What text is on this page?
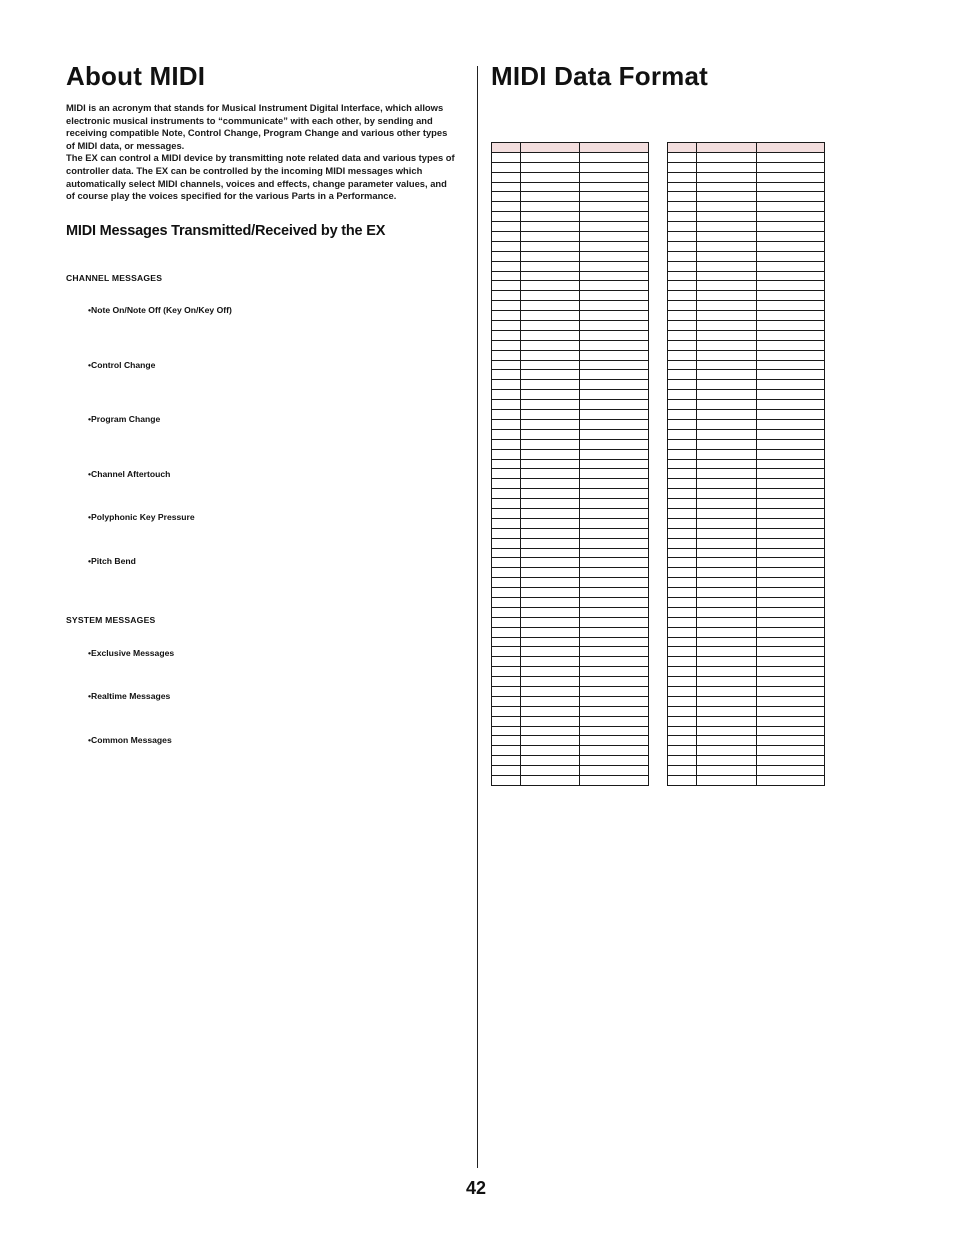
About MIDI

MIDI is an acronym that stands for Musical Instrument Digital Interface, which allows electronic musical instruments to “communicate” with each other, by sending and receiving compatible Note, Control Change, Program Change and various other types of MIDI data, or messages.

The EX can control a MIDI device by transmitting note related data and various types of controller data. The EX can be controlled by the incoming MIDI messages which automatically select MIDI channels, voices and effects, change parameter values, and of course play the voices specified for the various Parts in a Performance.

MIDI Messages Transmitted/Received by the EX
CHANNEL MESSAGES
•Note On/Note Off (Key On/Key Off)
•Control Change
•Program Change
•Channel Aftertouch
•Polyphonic Key Pressure
•Pitch Bend
SYSTEM MESSAGES
•Exclusive Messages
•Realtime Messages
•Common Messages
MIDI Data Format

42
